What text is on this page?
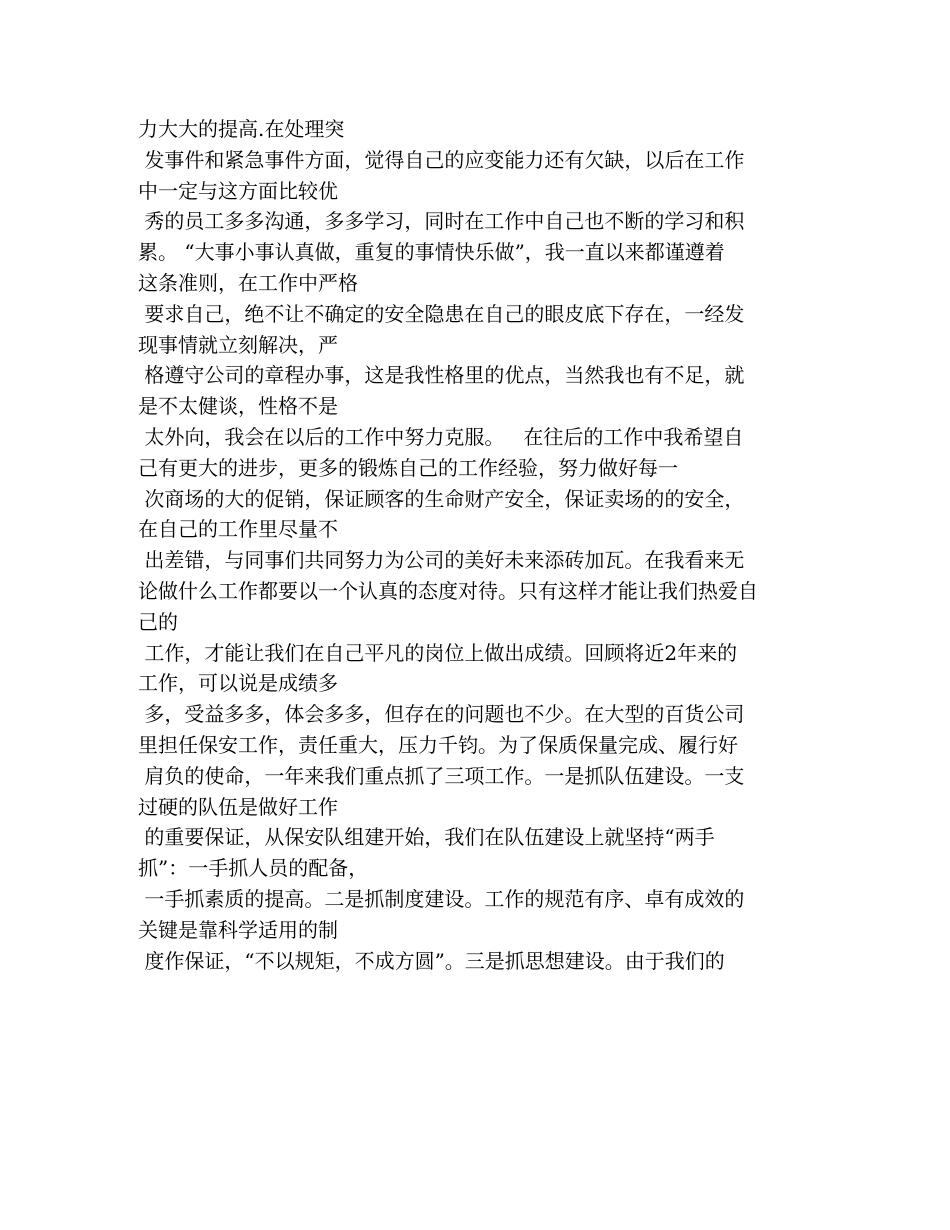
力大大的提高.在处理突
发事件和紧急事件方面，觉得自己的应变能力还有欠缺，以后在工作
中一定与这方面比较优
秀的员工多多沟通，多多学习，同时在工作中自己也不断的学习和积
累。 “大事小事认真做，重复的事情快乐做”，我一直以来都谨遵着
这条准则，在工作中严格
要求自己，绝不让不确定的安全隐患在自己的眼皮底下存在，一经发
现事情就立刻解决，严
格遵守公司的章程办事，这是我性格里的优点，当然我也有不足，就
是不太健谈，性格不是
太外向，我会在以后的工作中努力克服。   在往后的工作中我希望自
己有更大的进步，更多的锻炼自己的工作经验，努力做好每一
次商场的大的促销，保证顾客的生命财产安全，保证卖场的的安全，
在自己的工作里尽量不
出差错，与同事们共同努力为公司的美好未来添砖加瓦。在我看来无
论做什么工作都要以一个认真的态度对待。只有这样才能让我们热爱自
己的
工作，才能让我们在自己平凡的岗位上做出成绩。回顾将近2年来的
工作，可以说是成绩多
多，受益多多，体会多多，但存在的问题也不少。在大型的百货公司
里担任保安工作，责任重大，压力千钧。为了保质保量完成、履行好
肩负的使命，一年来我们重点抓了三项工作。一是抓队伍建设。一支
过硬的队伍是做好工作
的重要保证，从保安队组建开始，我们在队伍建设上就坚持“两手
抓”：一手抓人员的配备，
一手抓素质的提高。二是抓制度建设。工作的规范有序、卓有成效的
关键是靠科学适用的制
度作保证，“不以规矩，不成方圆”。三是抓思想建设。由于我们的
